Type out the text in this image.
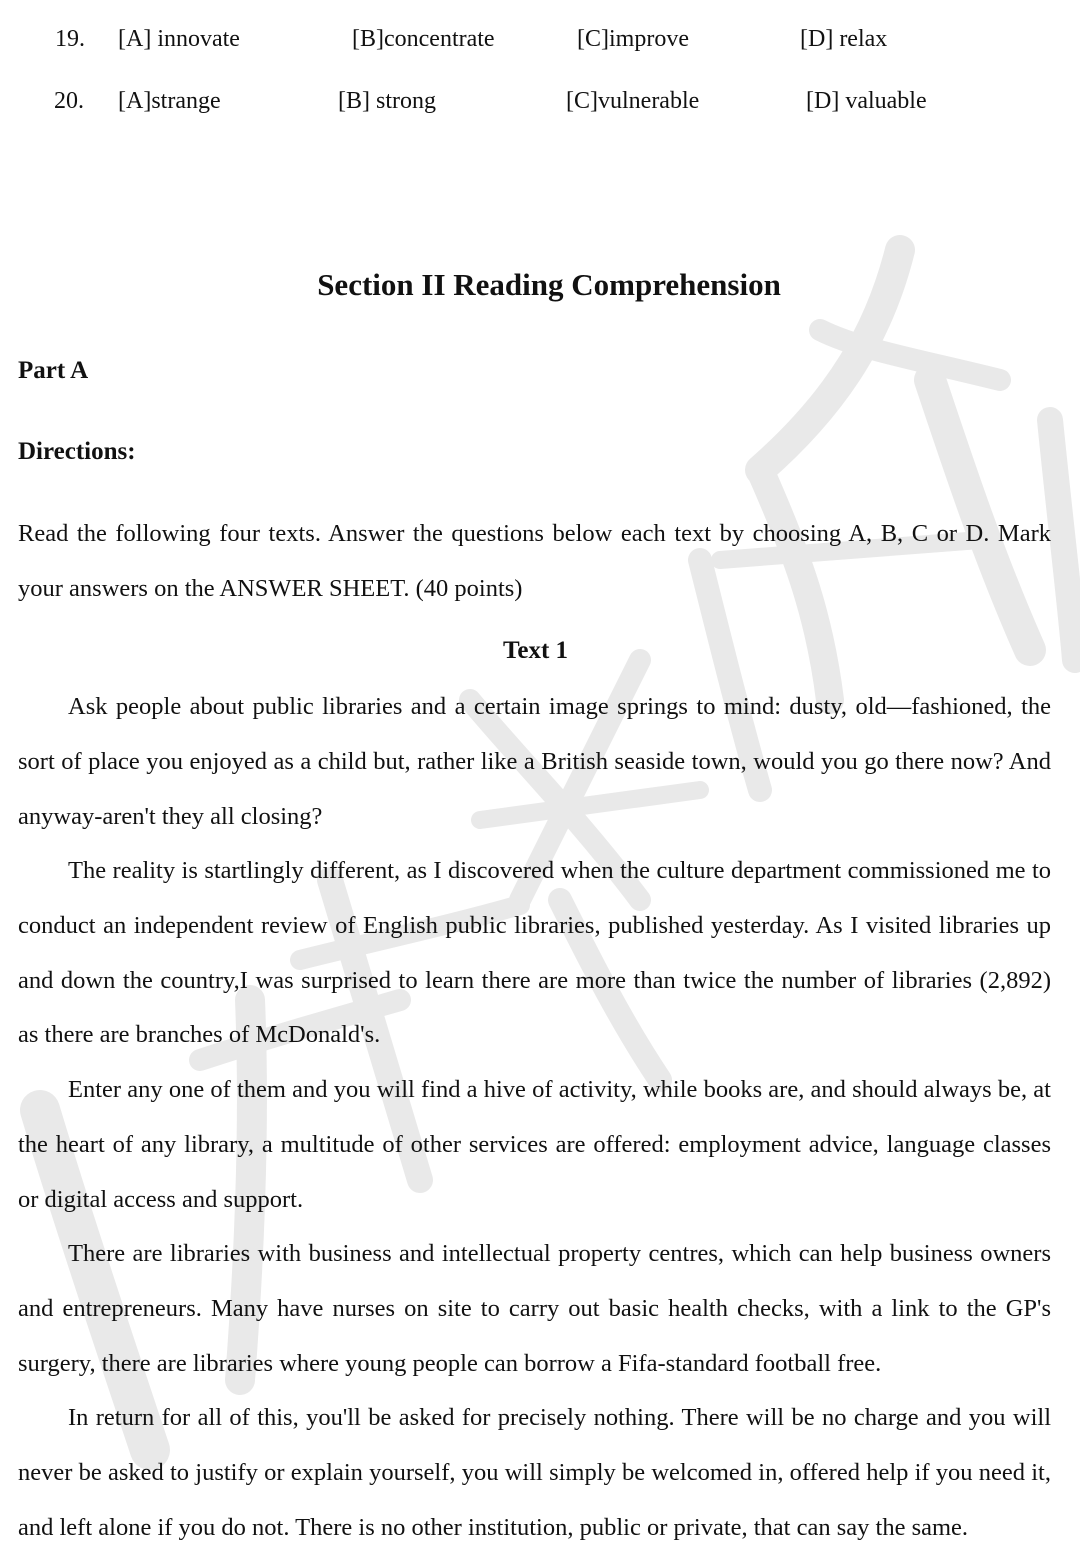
19. [A] innovate	[B]concentrate	[C]improve	[D] relax
20. [A]strange	[B] strong	[C]vulnerable	[D] valuable
Section II Reading Comprehension
Part A
Directions:

Read the following four texts. Answer the questions below each text by choosing A, B, C or D. Mark your answers on the ANSWER SHEET. (40 points)

Text 1

Ask people about public libraries and a certain image springs to mind: dusty, old—fashioned, the sort of place you enjoyed as a child but, rather like a British seaside town, would you go there now? And anyway-aren't they all closing?

The reality is startlingly different, as I discovered when the culture department commissioned me to conduct an independent review of English public libraries, published yesterday. As I visited libraries up and down the country,I was surprised to learn there are more than twice the number of libraries (2,892) as there are branches of McDonald's.

Enter any one of them and you will find a hive of activity, while books are, and should always be, at the heart of any library, a multitude of other services are offered: employment advice, language classes or digital access and support.

There are libraries with business and intellectual property centres, which can help business owners and entrepreneurs. Many have nurses on site to carry out basic health checks, with a link to the GP's surgery, there are libraries where young people can borrow a Fifa-standard football free.

In return for all of this, you'll be asked for precisely nothing. There will be no charge and you will never be asked to justify or explain yourself, you will simply be welcomed in, offered help if you need it, and left alone if you do not. There is no other institution, public or private, that can say the same.
